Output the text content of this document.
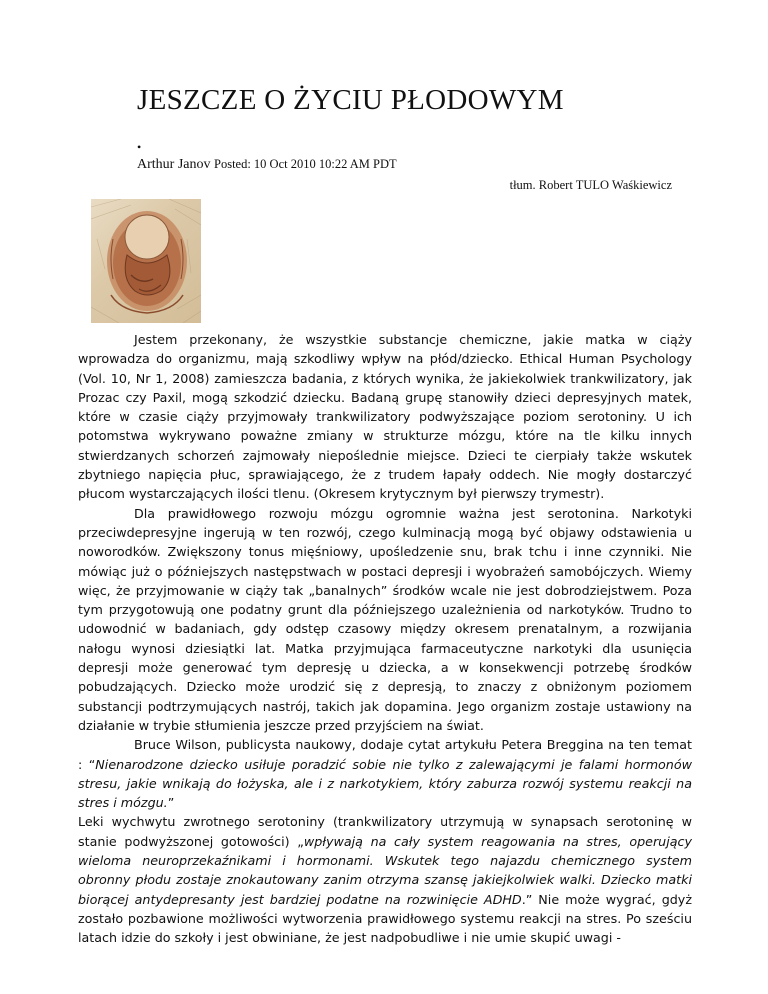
JESZCZE O ŻYCIU PŁODOWYM
•
Arthur Janov Posted: 10 Oct 2010 10:22 AM PDT
tłum. Robert TULO Waśkiewicz

Jestem przekonany, że wszystkie substancje chemiczne, jakie matka w ciąży wprowadza do organizmu, mają szkodliwy wpływ na płód/dziecko. Ethical Human Psychology (Vol. 10, Nr 1, 2008) zamieszcza badania, z których wynika, że jakiekolwiek trankwilizatory, jak Prozac czy Paxil, mogą szkodzić dziecku. Badaną grupę stanowiły dzieci depresyjnych matek, które w czasie ciąży przyjmowały trankwilizatory podwyższające poziom serotoniny. U ich potomstwa wykrywano poważne zmiany w strukturze mózgu, które na tle kilku innych stwierdzanych schorzeń zajmowały niepoślednie miejsce. Dzieci te cierpiały także wskutek zbytniego napięcia płuc, sprawiającego, że z trudem łapały oddech. Nie mogły dostarczyć płucom wystarczających ilości tlenu. (Okresem krytycznym był pierwszy trymestr).

Dla prawidłowego rozwoju mózgu ogromnie ważna jest serotonina. Narkotyki przeciwdepresyjne ingerują w ten rozwój, czego kulminacją mogą być objawy odstawienia u noworodków. Zwiększony tonus mięśniowy, upośledzenie snu, brak tchu i inne czynniki. Nie mówiąc już o późniejszych następstwach w postaci depresji i wyobrażeń samobójczych. Wiemy więc, że przyjmowanie w ciąży tak „banalnych” środków wcale nie jest dobrodziejstwem. Poza tym przygotowują one podatny grunt dla późniejszego uzależnienia od narkotyków. Trudno to udowodnić w badaniach, gdy odstęp czasowy między okresem prenatalnym, a rozwijania nałogu wynosi dziesiątki lat. Matka przyjmująca farmaceutyczne narkotyki dla usunięcia depresji może generować tym depresję u dziecka, a w konsekwencji potrzebę środków pobudzających. Dziecko może urodzić się z depresją, to znaczy z obniżonym poziomem substancji podtrzymujących nastrój, takich jak dopamina. Jego organizm zostaje ustawiony na działanie w trybie stłumienia jeszcze przed przyjściem na świat.

Bruce Wilson, publicysta naukowy, dodaje cytat artykułu Petera Breggina na ten temat : “Nienarodzone dziecko usiłuje poradzić sobie nie tylko z zalewającymi je falami hormonów stresu, jakie wnikają do łożyska, ale i z narkotykiem, który zaburza rozwój systemu reakcji na stres i mózgu.”

Leki wychwytu zwrotnego serotoniny (trankwilizatory utrzymują w synapsach serotoninę w stanie podwyższonej gotowości) „wpływają na cały system reagowania na stres, operujący wieloma neuroprzekaźnikami i hormonami. Wskutek tego najazdu chemicznego system obronny płodu zostaje znokautowany zanim otrzyma szansę jakiejkolwiek walki. Dziecko matki biorącej antydepresanty jest bardziej podatne na rozwinięcie ADHD.” Nie może wygrać, gdyż zostało pozbawione możliwości wytworzenia prawidłowego systemu reakcji na stres. Po sześciu latach idzie do szkoły i jest obwiniane, że jest nadpobudliwe i nie umie skupić uwagi -
